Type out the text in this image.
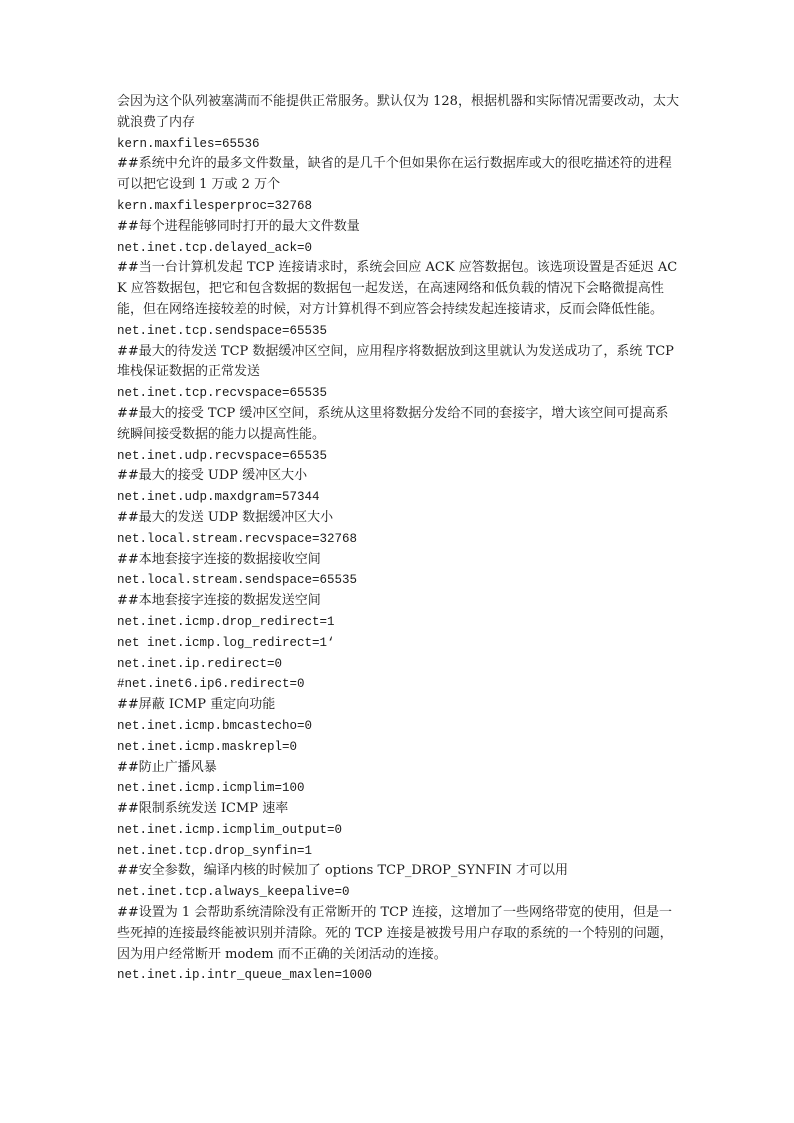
会因为这个队列被塞满而不能提供正常服务。默认仅为 128，根据机器和实际情况需要改动，太大就浪费了内存

kern.maxfiles=65536

##系统中允许的最多文件数量，缺省的是几千个但如果你在运行数据库或大的很吃描述符的进程可以把它设到 1 万或 2 万个

kern.maxfilesperproc=32768

##每个进程能够同时打开的最大文件数量

net.inet.tcp.delayed_ack=0

##当一台计算机发起 TCP 连接请求时，系统会回应 ACK 应答数据包。该选项设置是否延迟 ACK 应答数据包，把它和包含数据的数据包一起发送，在高速网络和低负载的情况下会略微提高性能，但在网络连接较差的时候，对方计算机得不到应答会持续发起连接请求，反而会降低性能。

net.inet.tcp.sendspace=65535

##最大的待发送 TCP 数据缓冲区空间，应用程序将数据放到这里就认为发送成功了，系统 TCP 堆栈保证数据的正常发送

net.inet.tcp.recvspace=65535

##最大的接受 TCP 缓冲区空间，系统从这里将数据分发给不同的套接字，增大该空间可提高系统瞬间接受数据的能力以提高性能。

net.inet.udp.recvspace=65535

##最大的接受 UDP 缓冲区大小

net.inet.udp.maxdgram=57344

##最大的发送 UDP 数据缓冲区大小

net.local.stream.recvspace=32768

##本地套接字连接的数据接收空间

net.local.stream.sendspace=65535

##本地套接字连接的数据发送空间

net.inet.icmp.drop_redirect=1

net inet.icmp.log_redirect=1‘

net.inet.ip.redirect=0

#net.inet6.ip6.redirect=0

##屏蔽 ICMP 重定向功能

net.inet.icmp.bmcastecho=0

net.inet.icmp.maskrepl=0

##防止广播风暴

net.inet.icmp.icmplim=100

##限制系统发送 ICMP 速率

net.inet.icmp.icmplim_output=0

net.inet.tcp.drop_synfin=1

##安全参数，编译内核的时候加了 options TCP_DROP_SYNFIN 才可以用

net.inet.tcp.always_keepalive=0

##设置为 1 会帮助系统清除没有正常断开的 TCP 连接，这增加了一些网络带宽的使用，但是一些死掉的连接最终能被识别并清除。死的 TCP 连接是被拨号用户存取的系统的一个特别的问题，因为用户经常断开 modem 而不正确的关闭活动的连接。

net.inet.ip.intr_queue_maxlen=1000
